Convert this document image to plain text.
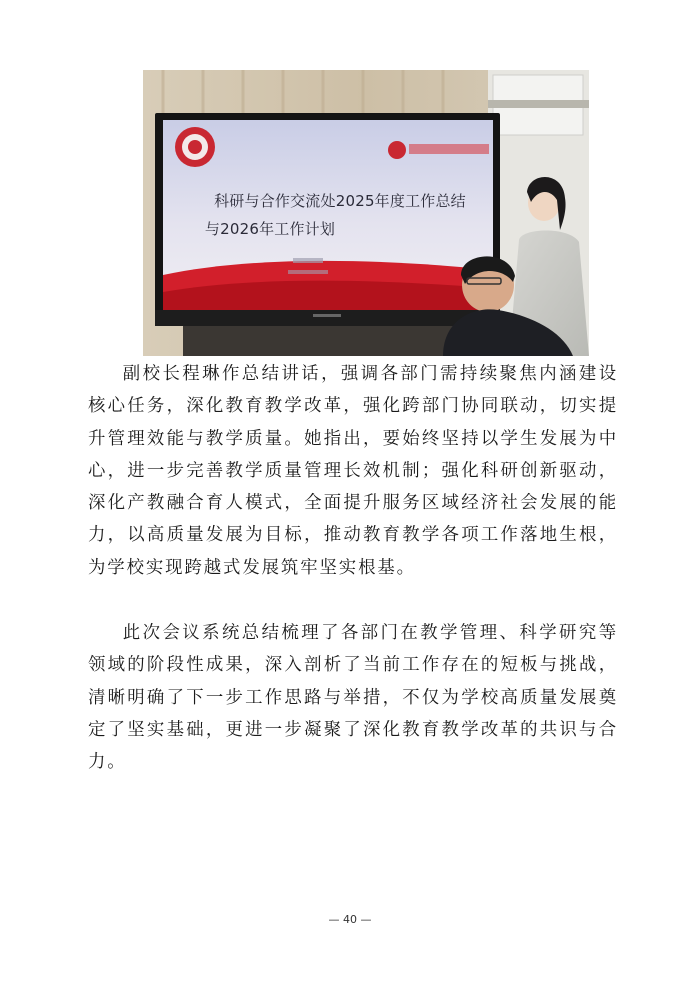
科研与合作交流处2025年度工作总结
与2026年工作计划

副校长程琳作总结讲话，强调各部门需持续聚焦内涵建设核心任务，深化教育教学改革，强化跨部门协同联动，切实提升管理效能与教学质量。她指出，要始终坚持以学生发展为中心，进一步完善教学质量管理长效机制；强化科研创新驱动，深化产教融合育人模式，全面提升服务区域经济社会发展的能力，以高质量发展为目标，推动教育教学各项工作落地生根，为学校实现跨越式发展筑牢坚实根基。

此次会议系统总结梳理了各部门在教学管理、科学研究等领域的阶段性成果，深入剖析了当前工作存在的短板与挑战，清晰明确了下一步工作思路与举措，不仅为学校高质量发展奠定了坚实基础，更进一步凝聚了深化教育教学改革的共识与合力。

— 40 —
